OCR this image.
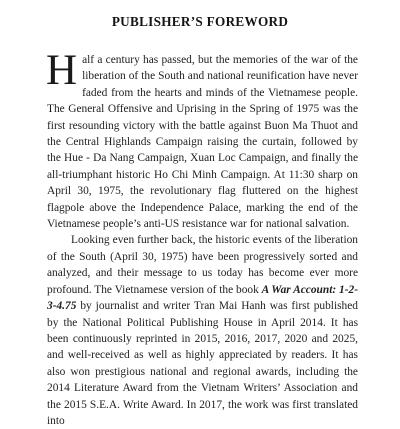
PUBLISHER’S FOREWORD

Half a century has passed, but the memories of the war of the liberation of the South and national reunification have never faded from the hearts and minds of the Vietnamese people. The General Offensive and Uprising in the Spring of 1975 was the first resounding victory with the battle against Buon Ma Thuot and the Central Highlands Campaign raising the curtain, followed by the Hue - Da Nang Campaign, Xuan Loc Campaign, and finally the all-triumphant historic Ho Chi Minh Campaign. At 11:30 sharp on April 30, 1975, the revolutionary flag fluttered on the highest flagpole above the Independence Palace, marking the end of the Vietnamese people’s anti-US resistance war for national salvation.

Looking even further back, the historic events of the liberation of the South (April 30, 1975) have been progressively sorted and analyzed, and their message to us today has become ever more profound. The Vietnamese version of the book A War Account: 1-2-3-4.75 by journalist and writer Tran Mai Hanh was first published by the National Political Publishing House in April 2014. It has been continuously reprinted in 2015, 2016, 2017, 2020 and 2025, and well-received as well as highly appreciated by readers. It has also won prestigious national and regional awards, including the 2014 Literature Award from the Vietnam Writers’ Association and the 2015 S.E.A. Write Award. In 2017, the work was first translated into
